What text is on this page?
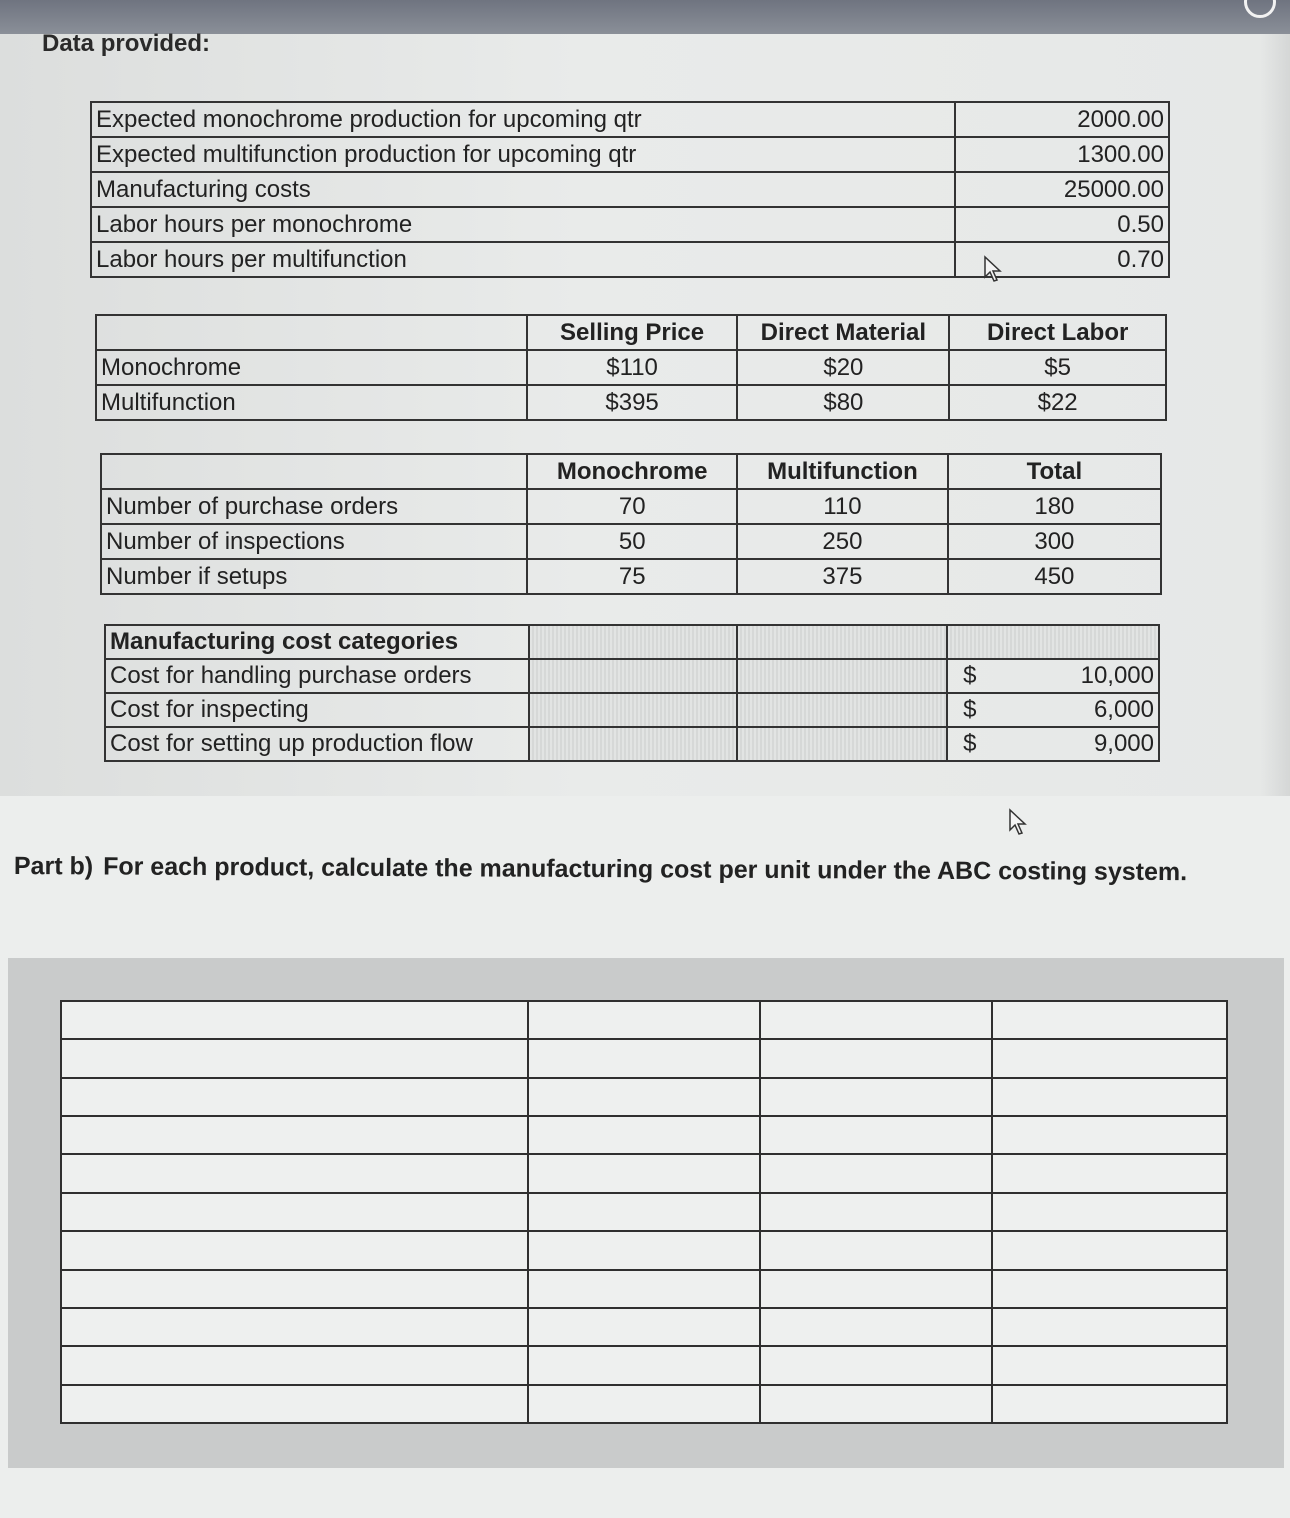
Data provided:
Expected monochrome production for upcoming qtr	2000.00
Expected multifunction production for upcoming qtr	1300.00
Manufacturing costs	25000.00
Labor hours per monochrome	0.50
Labor hours per multifunction	0.70
	Selling Price	Direct Material	Direct Labor
Monochrome	$110	$20	$5
Multifunction	$395	$80	$22
	Monochrome	Multifunction	Total
Number of purchase orders	70	110	180
Number of inspections	50	250	300
Number if setups	75	375	450
Manufacturing cost categories				
Cost for handling purchase orders			$	10,000
Cost for inspecting			$	6,000
Cost for setting up production flow			$	9,000
Part b) For each product, calculate the manufacturing cost per unit under the ABC costing system.
